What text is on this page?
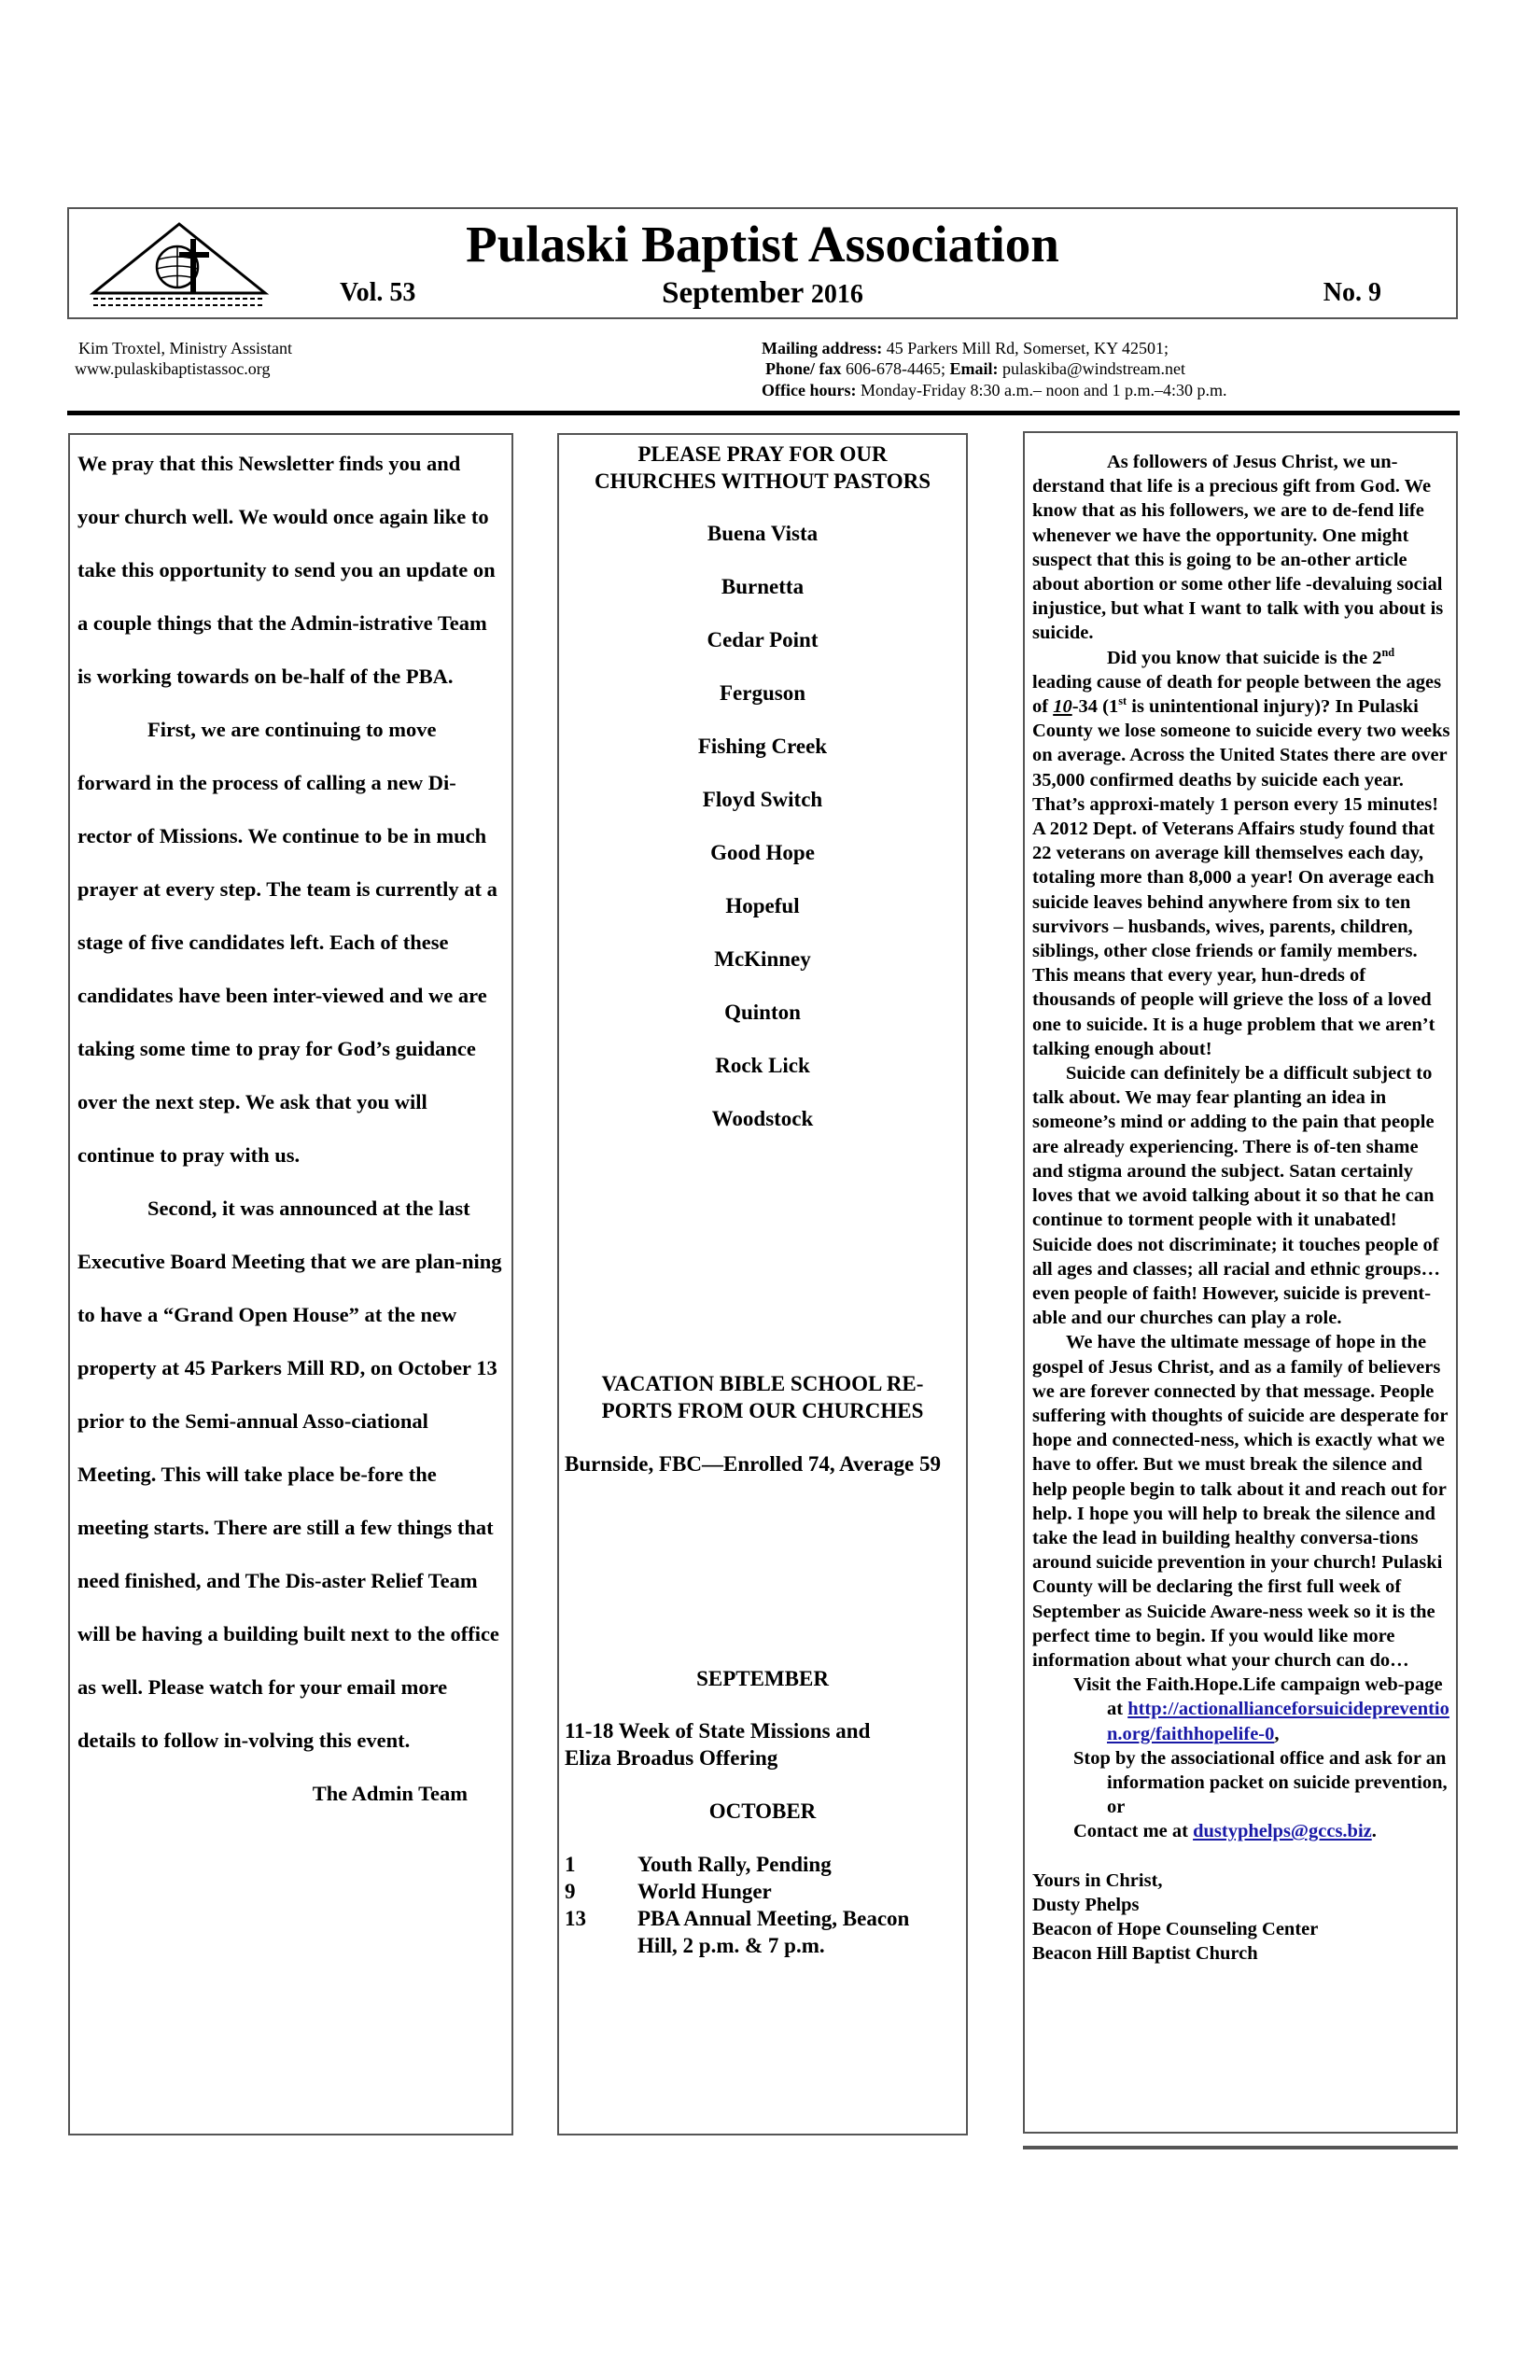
Pulaski Baptist Association
Vol. 53	September 2016	No. 9
Kim Troxtel, Ministry Assistant
www.pulaskibaptistassoc.org
Mailing address: 45 Parkers Mill Rd, Somerset, KY 42501;
Phone/ fax 606-678-4465; Email: pulaskiba@windstream.net
Office hours: Monday-Friday 8:30 a.m.– noon and 1 p.m.–4:30 p.m.

We pray that this Newsletter finds you and your church well. We would once again like to take this opportunity to send you an update on a couple things that the Admin-istrative Team is working towards on be-half of the PBA.

First, we are continuing to move forward in the process of calling a new Di-rector of Missions. We continue to be in much prayer at every step. The team is currently at a stage of five candidates left. Each of these candidates have been inter-viewed and we are taking some time to pray for God’s guidance over the next step. We ask that you will continue to pray with us.

Second, it was announced at the last Executive Board Meeting that we are plan-ning to have a “Grand Open House” at the new property at 45 Parkers Mill RD, on October 13 prior to the Semi-annual Asso-ciational Meeting. This will take place be-fore the meeting starts. There are still a few things that need finished, and The Dis-aster Relief Team will be having a building built next to the office as well. Please watch for your email more details to follow in-volving this event.

The Admin Team
PLEASE PRAY FOR OUR
CHURCHES WITHOUT PASTORS
Buena Vista
Burnetta
Cedar Point
Ferguson
Fishing Creek
Floyd Switch
Good Hope
Hopeful
McKinney
Quinton
Rock Lick
Woodstock
VACATION BIBLE SCHOOL RE-
PORTS FROM OUR CHURCHES
Burnside, FBC—Enrolled 74, Average 59
SEPTEMBER
11-18 Week of State Missions and
Eliza Broadus Offering
OCTOBER
1	Youth Rally, Pending
9	World Hunger
13 PBA Annual Meeting, Beacon
Hill, 2 p.m. & 7 p.m.

As followers of Jesus Christ, we un-derstand that life is a precious gift from God. We know that as his followers, we are to de-fend life whenever we have the opportunity. One might suspect that this is going to be an-other article about abortion or some other life -devaluing social injustice, but what I want to talk with you about is suicide.

Did you know that suicide is the 2nd leading cause of death for people between the ages of 10-34 (1st is unintentional injury)? In Pulaski County we lose someone to suicide every two weeks on average. Across the United States there are over 35,000 confirmed deaths by suicide each year. That’s approxi-mately 1 person every 15 minutes! A 2012 Dept. of Veterans Affairs study found that 22 veterans on average kill themselves each day, totaling more than 8,000 a year! On average each suicide leaves behind anywhere from six to ten survivors – husbands, wives, parents, children, siblings, other close friends or family members. This means that every year, hun-dreds of thousands of people will grieve the loss of a loved one to suicide. It is a huge problem that we aren’t talking enough about!

Suicide can definitely be a difficult subject to talk about. We may fear planting an idea in someone’s mind or adding to the pain that people are already experiencing. There is of-ten shame and stigma around the subject. Satan certainly loves that we avoid talking about it so that he can continue to torment people with it unabated! Suicide does not discriminate; it touches people of all ages and classes; all racial and ethnic groups…even people of faith! However, suicide is prevent-able and our churches can play a role.

We have the ultimate message of hope in the gospel of Jesus Christ, and as a family of believers we are forever connected by that message. People suffering with thoughts of suicide are desperate for hope and connected-ness, which is exactly what we have to offer. But we must break the silence and help people begin to talk about it and reach out for help. I hope you will help to break the silence and take the lead in building healthy conversa-tions around suicide prevention in your church! Pulaski County will be declaring the first full week of September as Suicide Aware-ness week so it is the perfect time to begin. If you would like more information about what your church can do…

Visit the Faith.Hope.Life campaign web-page at http://actionallianceforsuicideprevention.org/faithhopelife-0,

Stop by the associational office and ask for an information packet on suicide prevention, or

Contact me at dustyphelps@gccs.biz.

Yours in Christ,

Dusty Phelps

Beacon of Hope Counseling Center

Beacon Hill Baptist Church
